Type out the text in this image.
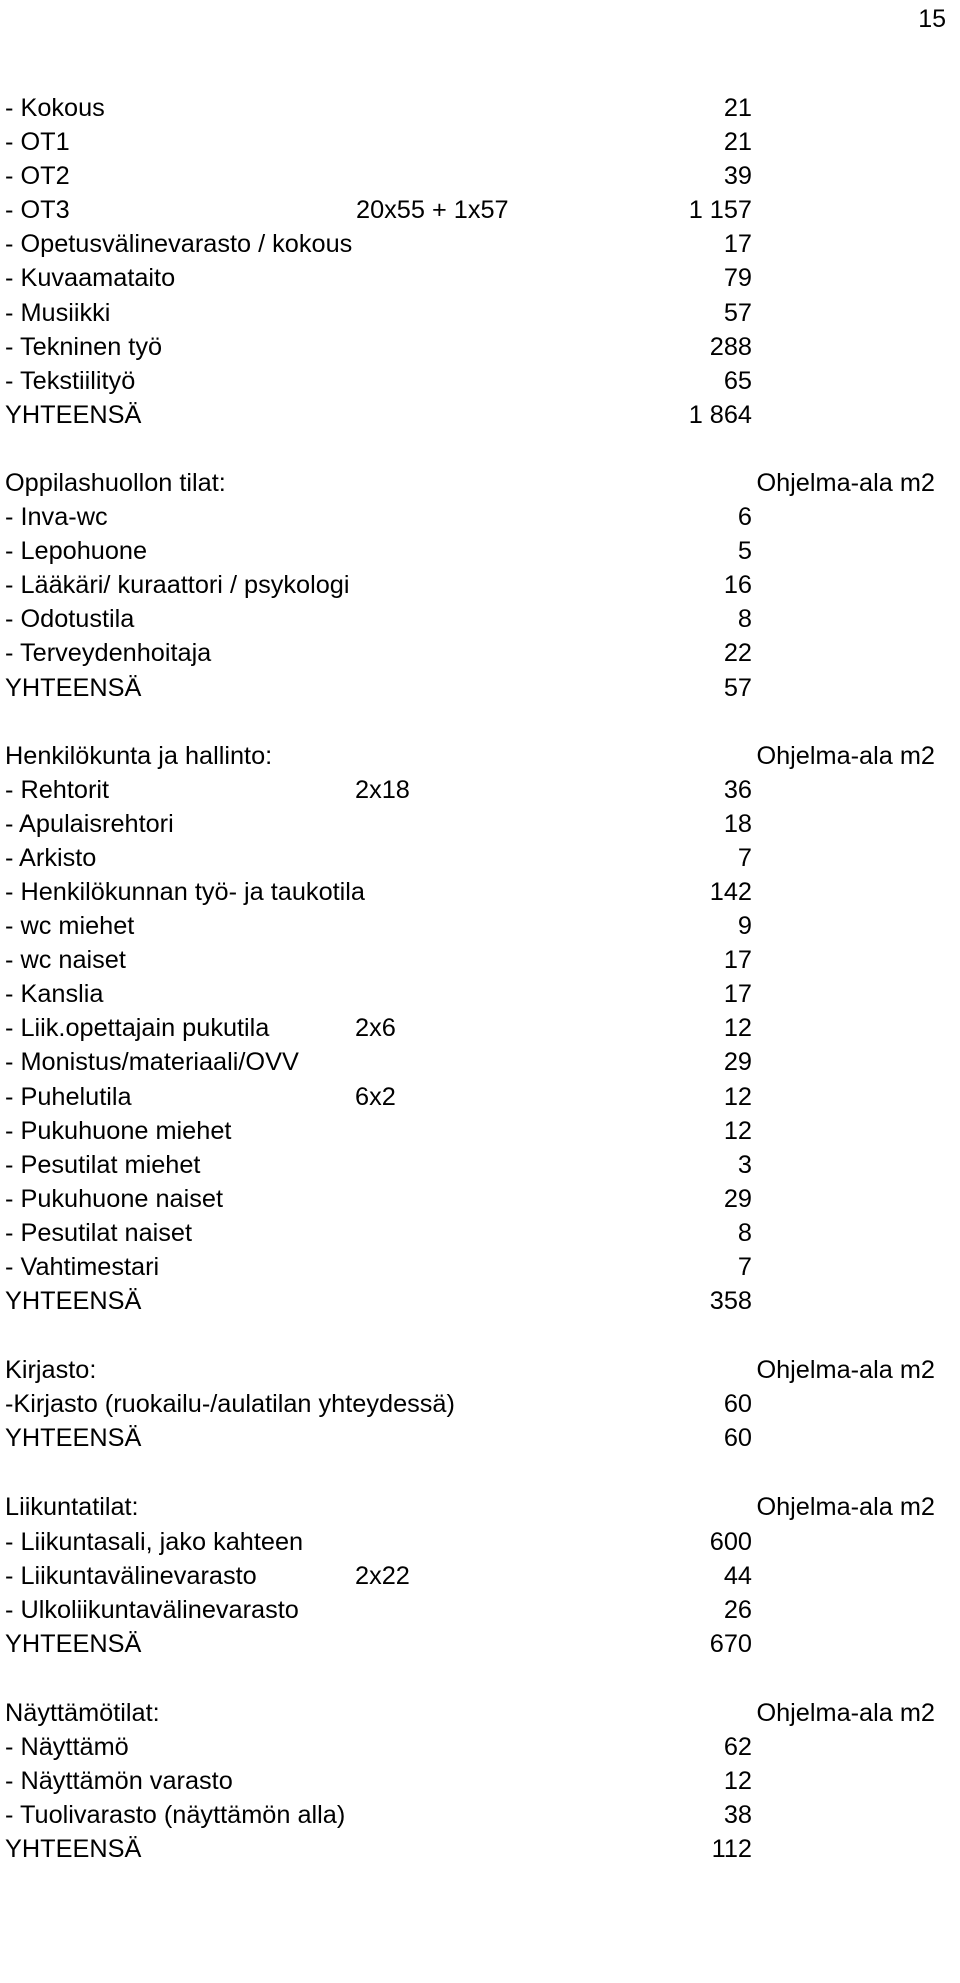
15
- Kokous	21
- OT1	21
- OT2	39
- OT3	20x55 + 1x57	1 157
- Opetusvälinevarasto / kokous	17
- Kuvaamataito	79
- Musiikki	57
- Tekninen työ	288
- Tekstiilityö	65
YHTEENSÄ	1 864
Oppilashuollon tilat:	Ohjelma-ala m2
- Inva-wc	6
- Lepohuone	5
- Lääkäri/ kuraattori / psykologi	16
- Odotustila	8
- Terveydenhoitaja	22
YHTEENSÄ	57
Henkilökunta ja hallinto:	Ohjelma-ala m2
- Rehtorit	2x18	36
- Apulaisrehtori	18
- Arkisto	7
- Henkilökunnan työ- ja taukotila	142
- wc miehet	9
- wc naiset	17
- Kanslia	17
- Liik.opettajain pukutila	2x6	12
- Monistus/materiaali/OVV	29
- Puhelutila	6x2	12
- Pukuhuone miehet	12
- Pesutilat miehet	3
- Pukuhuone naiset	29
- Pesutilat naiset	8
- Vahtimestari	7
YHTEENSÄ	358
Kirjasto:	Ohjelma-ala m2
-Kirjasto (ruokailu-/aulatilan yhteydessä)	60
YHTEENSÄ	60
Liikuntatilat:	Ohjelma-ala m2
- Liikuntasali, jako kahteen	600
- Liikuntavälinevarasto	2x22	44
- Ulkoliikuntavälinevarasto	26
YHTEENSÄ	670
Näyttämötilat:	Ohjelma-ala m2
- Näyttämö	62
- Näyttämön varasto	12
- Tuolivarasto (näyttämön alla)	38
YHTEENSÄ	112
